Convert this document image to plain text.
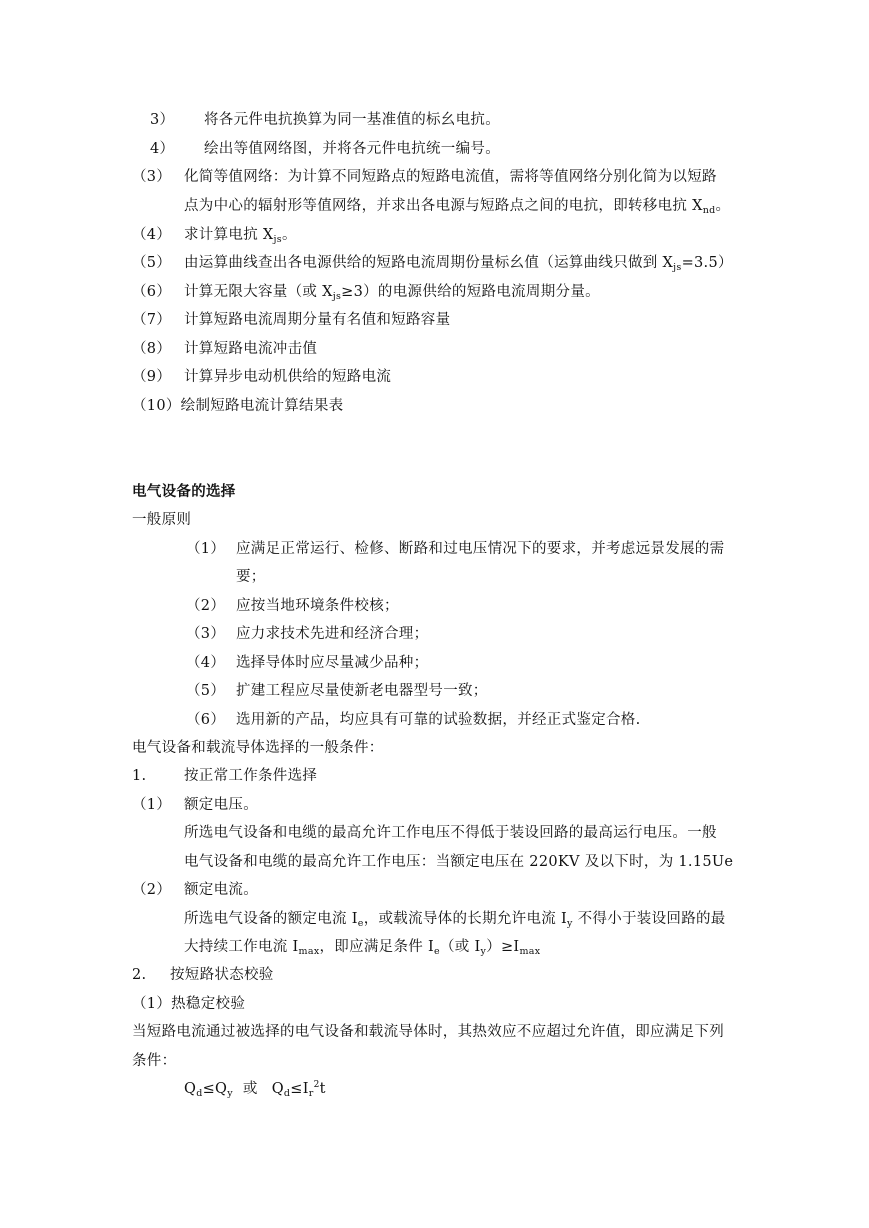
3） 将各元件电抗换算为同一基准值的标幺电抗。
4） 绘出等值网络图，并将各元件电抗统一编号。
（3） 化简等值网络：为计算不同短路点的短路电流值，需将等值网络分别化简为以短路
点为中心的辐射形等值网络，并求出各电源与短路点之间的电抗，即转移电抗 $X_{nd}$。
（4） 求计算电抗 $X_{js}$。
（5） 由运算曲线查出各电源供给的短路电流周期份量标幺值（运算曲线只做到 $X_{js}=3.5$）
（6） 计算无限大容量（或 $X_{js}\ge 3$）的电源供给的短路电流周期分量。
（7） 计算短路电流周期分量有名值和短路容量
（8） 计算短路电流冲击值
（9） 计算异步电动机供给的短路电流
（10）绘制短路电流计算结果表
电气设备的选择
一般原则
（1） 应满足正常运行、检修、断路和过电压情况下的要求，并考虑远景发展的需
要；
（2） 应按当地环境条件校核；
（3） 应力求技术先进和经济合理；
（4） 选择导体时应尽量减少品种；
（5） 扩建工程应尽量使新老电器型号一致；
（6） 选用新的产品，均应具有可靠的试验数据，并经正式鉴定合格.
电气设备和载流导体选择的一般条件：
1.	按正常工作条件选择
（1） 额定电压。
所选电气设备和电缆的最高允许工作电压不得低于装设回路的最高运行电压。一般
电气设备和电缆的最高允许工作电压：当额定电压在 220KV 及以下时，为 1.15Ue
（2） 额定电流。
所选电气设备的额定电流 $I_e$，或载流导体的长期允许电流 $I_y$ 不得小于装设回路的最
大持续工作电流 $I_{max}$，即应满足条件 $I_e$（或 $I_y)\ge I_{max}$
2. 按短路状态校验
（1）热稳定校验
当短路电流通过被选择的电气设备和载流导体时，其热效应不应超过允许值，即应满足下列
条件：
$Q_d\le Q_y$ 或 $Q_d\le I_r^2t$
